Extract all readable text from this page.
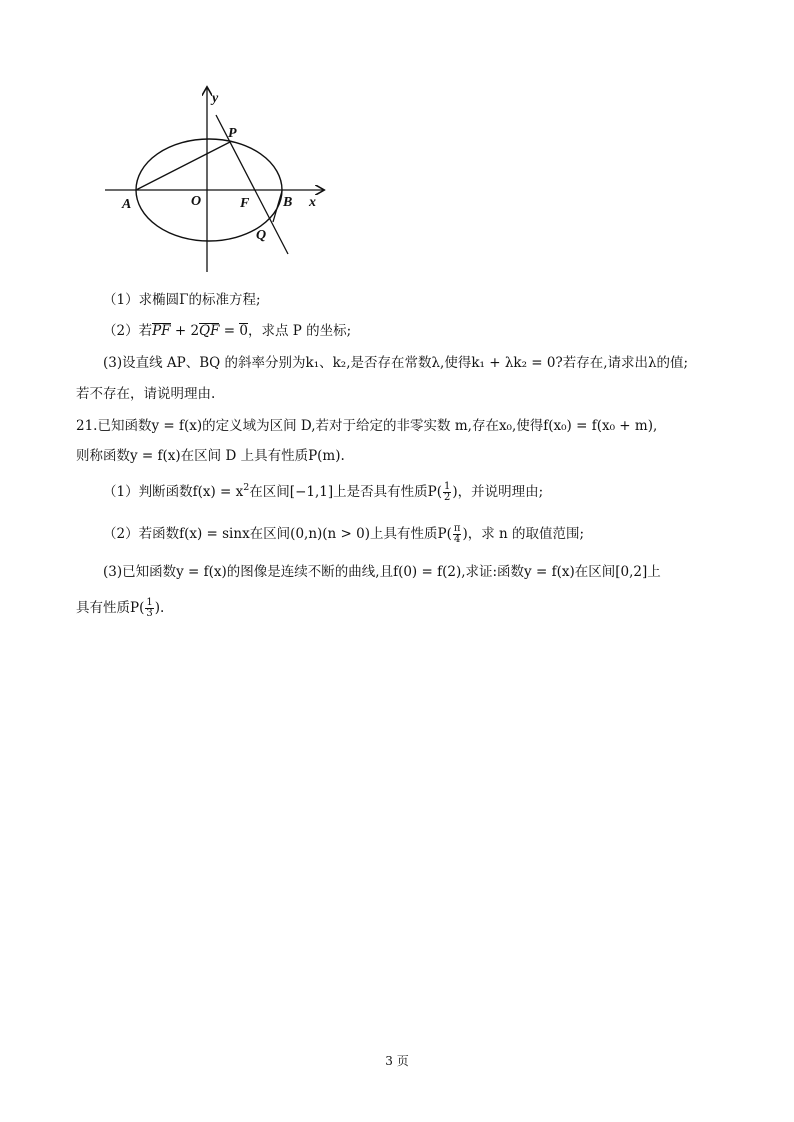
y
x
P
O
A	F B
Q
（1）求椭圆Γ的标准方程;
（2）若PF + 2QF = 0，求点 P 的坐标;
(3)设直线 AP、BQ 的斜率分别为k₁、k₂,是否存在常数λ,使得k₁ + λk₂ = 0?若存在,请求出λ的值;
若不存在，请说明理由.
21.已知函数y = f(x)的定义域为区间 D,若对于给定的非零实数 m,存在x₀,使得f(x₀) = f(x₀ + m),
则称函数y = f(x)在区间 D 上具有性质P(m).
（1）判断函数$f(x) = x^2$在区间[−1,1]上是否具有性质$P( \frac{1}{2}$ )，并说明理由;
（2）若函数f(x) = sinx在区间(0,n)(n > 0)上具有性质$P( \frac{\pi}{4}$ )，求 n 的取值范围;
(3)已知函数y = f(x)的图像是连续不断的曲线,且f(0) = f(2),求证:函数y = f(x)在区间[0,2]上
具有性质$P( \frac{1}{3}$ ).
3 页
